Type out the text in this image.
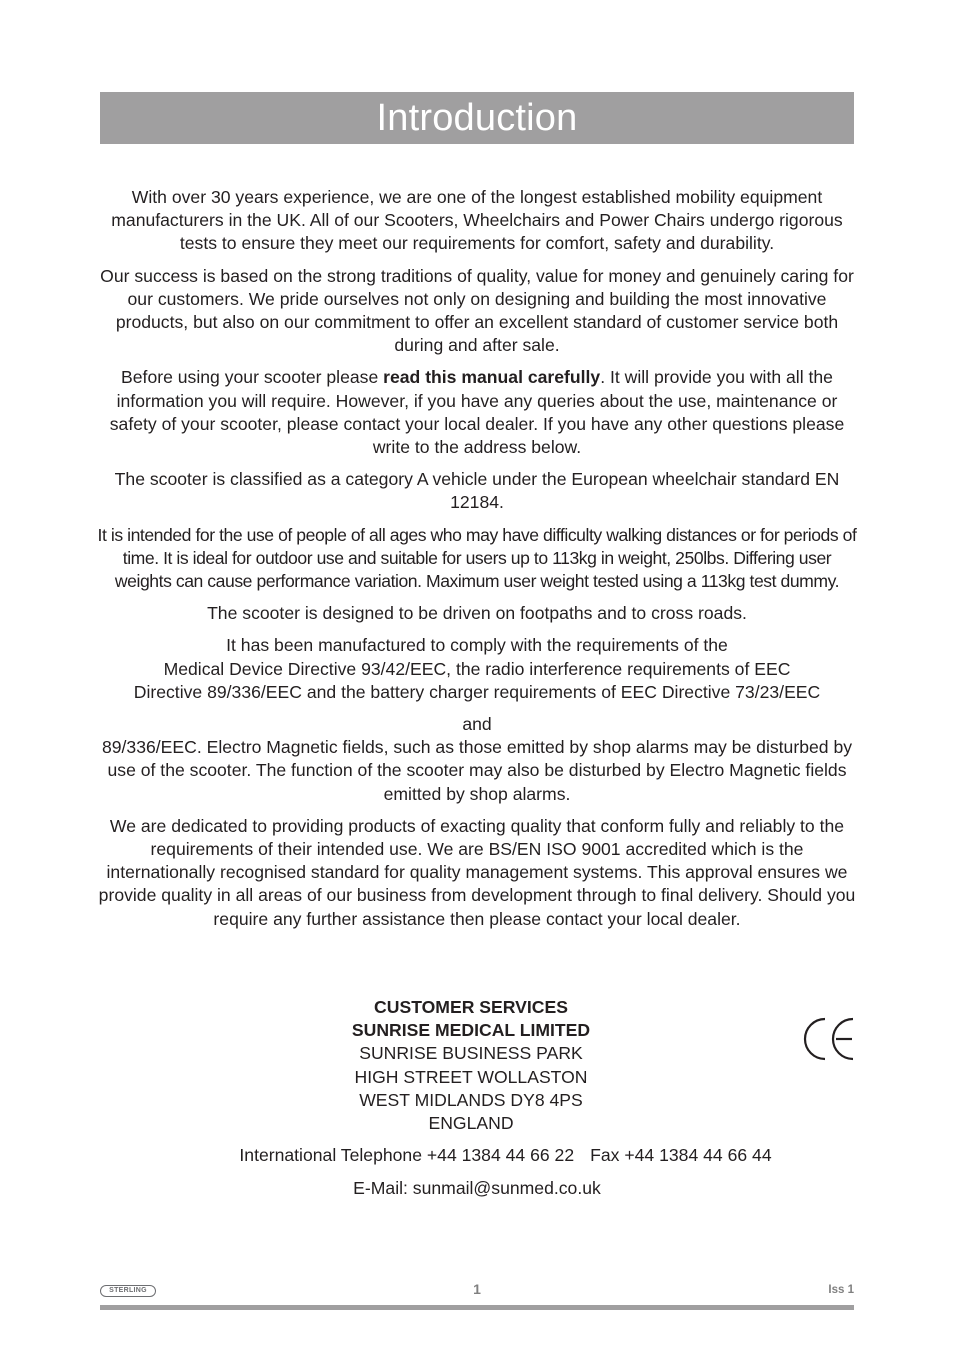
Introduction

With over 30 years experience, we are one of the longest established mobility equipment manufacturers in the UK. All of our Scooters, Wheelchairs and Power Chairs undergo rigorous tests to ensure they meet our requirements for comfort, safety and durability.

Our success is based on the strong traditions of quality, value for money and genuinely caring for our customers. We pride ourselves not only on designing and building the most innovative products, but also on our commitment to offer an excellent standard of customer service both during and after sale.

Before using your scooter please read this manual carefully. It will provide you with all the information you will require. However, if you have any queries about the use, maintenance or safety of your scooter, please contact your local dealer. If you have any other questions please write to the address below.

The scooter is classified as a category A vehicle under the European wheelchair standard EN 12184.

It is intended for the use of people of all ages who may have difficulty walking distances or for periods of time. It is ideal for outdoor use and suitable for users up to 113kg in weight, 250lbs. Differing user weights can cause performance variation. Maximum user weight tested using a 113kg test dummy.

The scooter is designed to be driven on footpaths and to cross roads.

It has been manufactured to comply with the requirements of the
Medical Device Directive 93/42/EEC, the radio interference requirements of EEC
Directive 89/336/EEC and the battery charger requirements of EEC Directive 73/23/EEC

and

89/336/EEC. Electro Magnetic fields, such as those emitted by shop alarms may be disturbed by use of the scooter. The function of the scooter may also be disturbed by Electro Magnetic fields emitted by shop alarms.

We are dedicated to providing products of exacting quality that conform fully and reliably to the requirements of their intended use. We are BS/EN ISO 9001 accredited which is the internationally recognised standard for quality management systems. This approval ensures we provide quality in all areas of our business from development through to final delivery. Should you require any further assistance then please contact your local dealer.

CUSTOMER SERVICES
SUNRISE MEDICAL LIMITED
SUNRISE BUSINESS PARK
HIGH STREET WOLLASTON
WEST MIDLANDS DY8 4PS
ENGLAND
International Telephone +44 1384 44 66 22 Fax +44 1384 44 66 44
E-Mail: sunmail@sunmed.co.uk
STERLING	1	Iss 1
